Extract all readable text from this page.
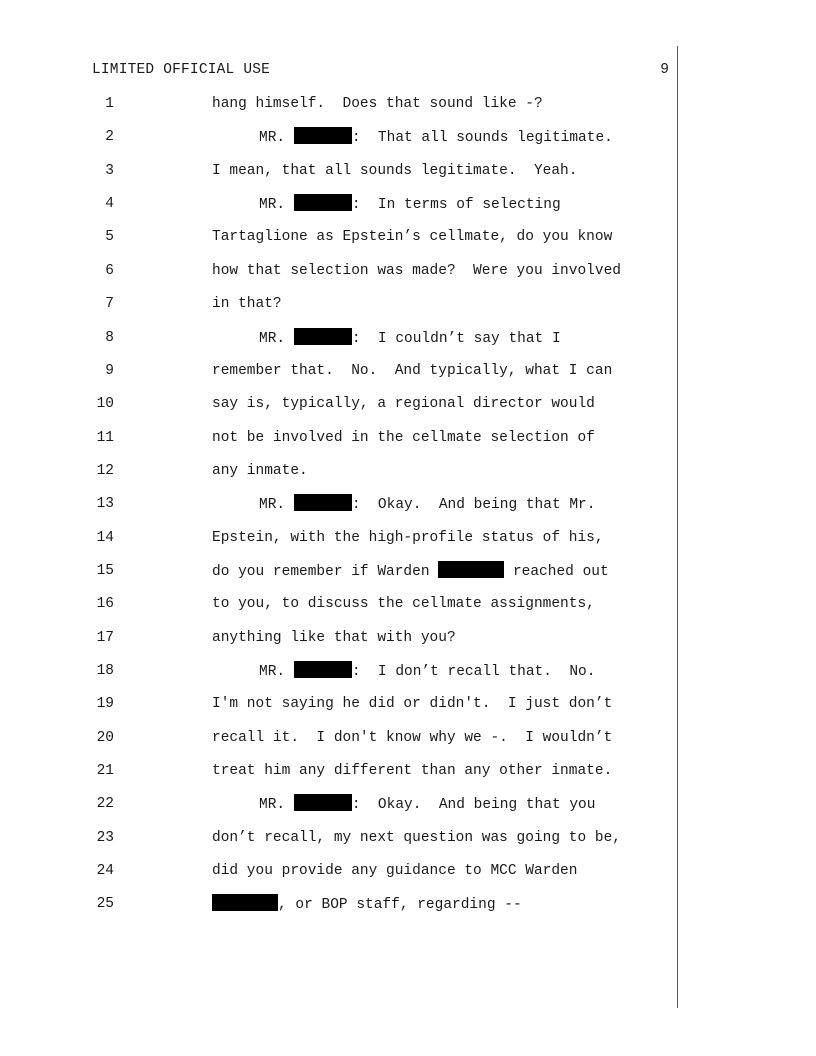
LIMITED OFFICIAL USE	9
1	hang himself.  Does that sound like -?
2	MR.	:  That all sounds legitimate.
3	I mean, that all sounds legitimate.  Yeah.
4	MR.	:  In terms of selecting
5	Tartaglione as Epstein’s cellmate, do you know
6	how that selection was made?  Were you involved
7	in that?
8	MR.	:  I couldn’t say that I
9	remember that.  No.  And typically, what I can
10	say is, typically, a regional director would
11	not be involved in the cellmate selection of
12	any inmate.
13	MR.	:  Okay.  And being that Mr.
14	Epstein, with the high-profile status of his,
15	do you remember if Warden	reached out
16	to you, to discuss the cellmate assignments,
17	anything like that with you?
18	MR.	:  I don’t recall that.  No.
19	I'm not saying he did or didn't.  I just don’t
20	recall it.  I don't know why we -.  I wouldn’t
21	treat him any different than any other inmate.
22	MR.	:  Okay.  And being that you
23	don’t recall, my next question was going to be,
24	did you provide any guidance to MCC Warden
25	, or BOP staff, regarding --
